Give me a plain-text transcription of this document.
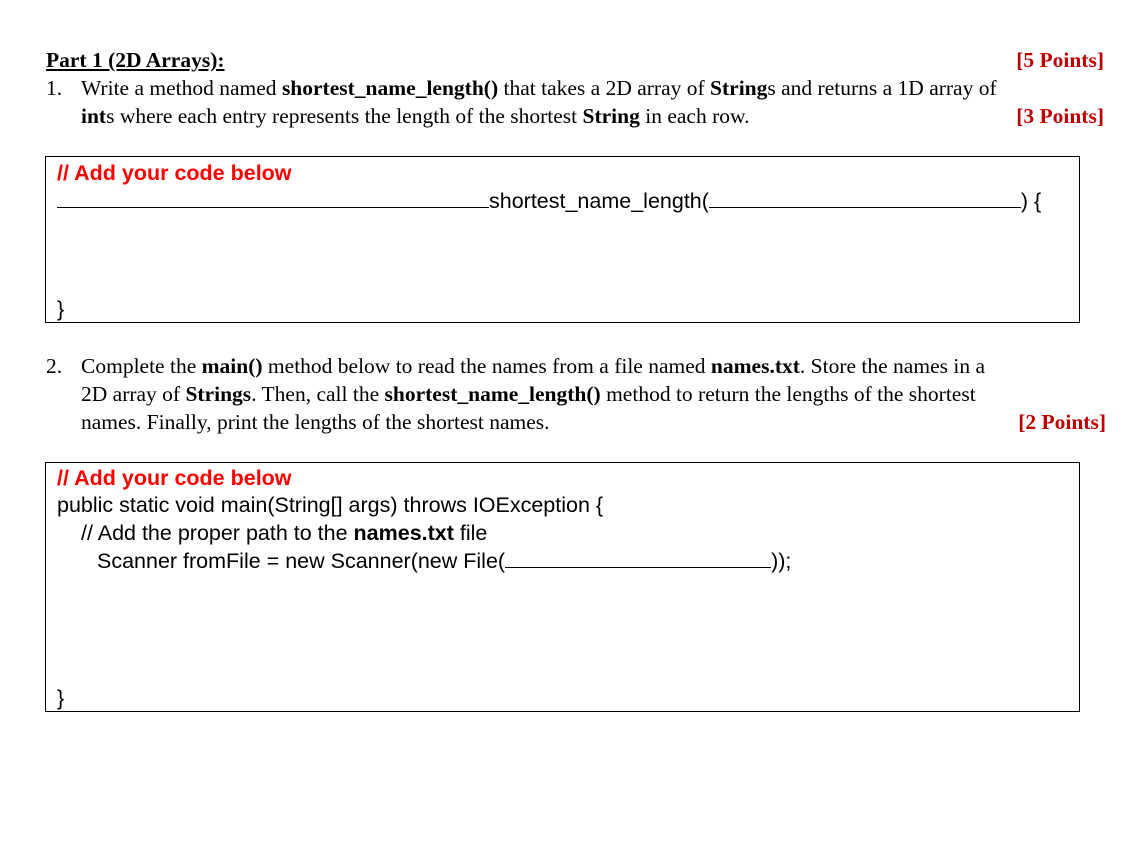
Part 1 (2D Arrays):	[5 Points]
1. Write a method named shortest_name_length() that takes a 2D array of Strings and returns a 1D array of
ints where each entry represents the length of the shortest String in each row.	[3 Points]
// Add your code below
shortest_name_length(	) {
}
2. Complete the main() method below to read the names from a file named names.txt. Store the names in a
2D array of Strings. Then, call the shortest_name_length() method to return the lengths of the shortest
names. Finally, print the lengths of the shortest names.	[2 Points]
// Add your code below
public static void main(String[] args) throws IOException {
// Add the proper path to the names.txt file
Scanner fromFile = new Scanner(new File(	));
}
